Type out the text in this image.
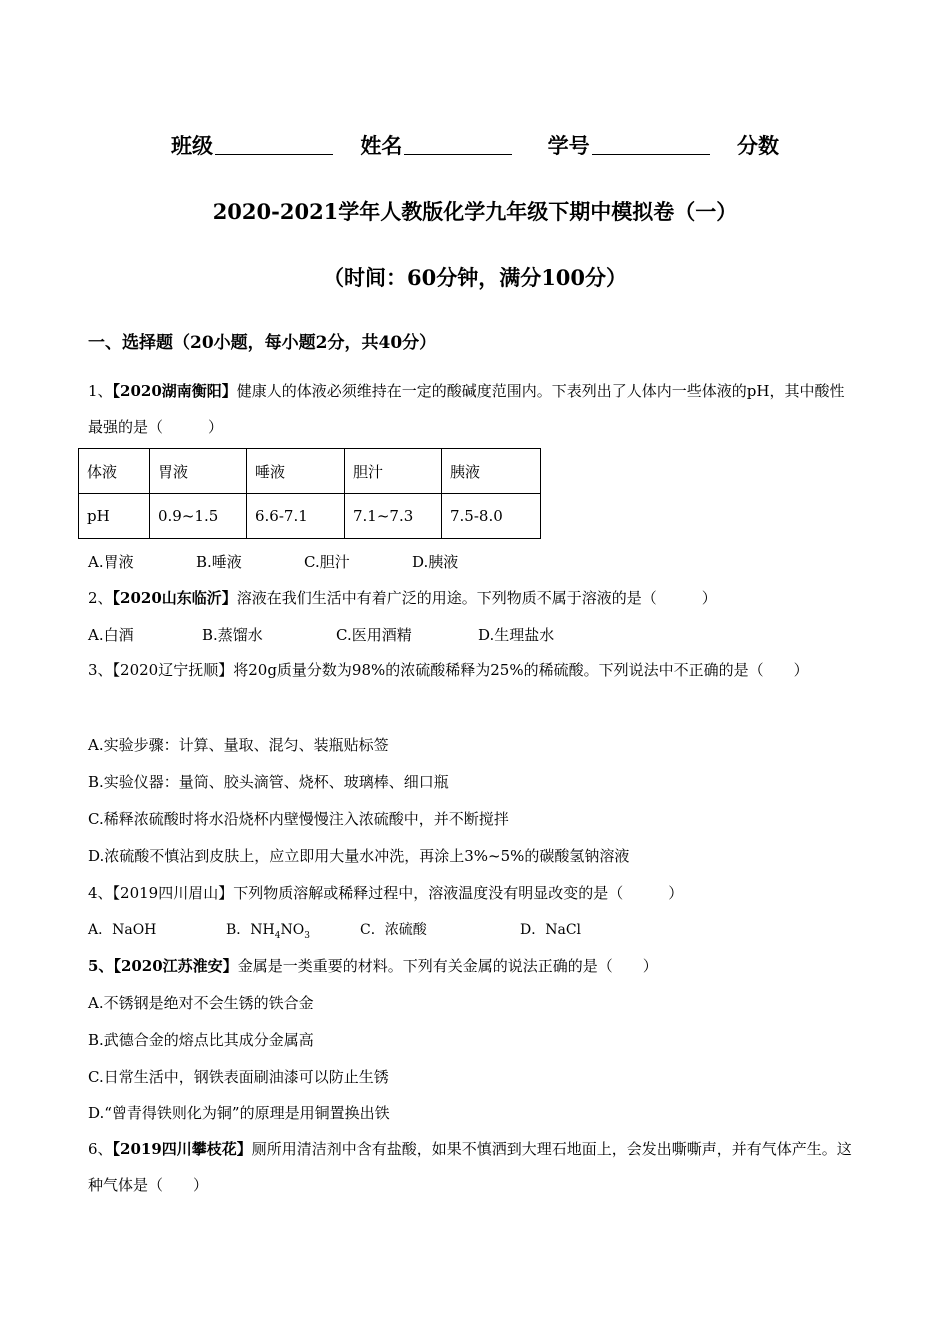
班级	姓名	学号	分数
2020-2021学年人教版化学九年级下期中模拟卷（一）
（时间：60分钟，满分100分）
一、选择题（20小题，每小题2分，共40分）
1、【2020湖南衡阳】健康人的体液必须维持在一定的酸碱度范围内。下表列出了人体内一些体液的pH，其中酸性最强的是（　　　）
体液	胃液	唾液	胆汁	胰液
pH	0.9~1.5	6.6-7.1	7.1~7.3	7.5-8.0
A.胃液	B.唾液	C.胆汁	D.胰液
2、【2020山东临沂】溶液在我们生活中有着广泛的用途。下列物质不属于溶液的是（　　　）
A.白酒	B.蒸馏水	C.医用酒精	D.生理盐水
3、【2020辽宁抚顺】将20g质量分数为98%的浓硫酸稀释为25%的稀硫酸。下列说法中不正确的是（　　）
A.实验步骤：计算、量取、混匀、装瓶贴标签
B.实验仪器：量筒、胶头滴管、烧杯、玻璃棒、细口瓶
C.稀释浓硫酸时将水沿烧杯内壁慢慢注入浓硫酸中，并不断搅拌
D.浓硫酸不慎沾到皮肤上，应立即用大量水冲洗，再涂上3%~5%的碳酸氢钠溶液
4、【2019四川眉山】下列物质溶解或稀释过程中，溶液温度没有明显改变的是（　　　）
A．NaOH	B．$NH_4NO_3$	C．浓硫酸	D．NaCl
5、【2020江苏淮安】金属是一类重要的材料。下列有关金属的说法正确的是（　　）
A.不锈钢是绝对不会生锈的铁合金
B.武德合金的熔点比其成分金属高
C.日常生活中，钢铁表面刷油漆可以防止生锈
D.“曾青得铁则化为铜”的原理是用铜置换出铁
6、【2019四川攀枝花】厕所用清洁剂中含有盐酸，如果不慎洒到大理石地面上，会发出嘶嘶声，并有气体产生。这种气体是（　　）
